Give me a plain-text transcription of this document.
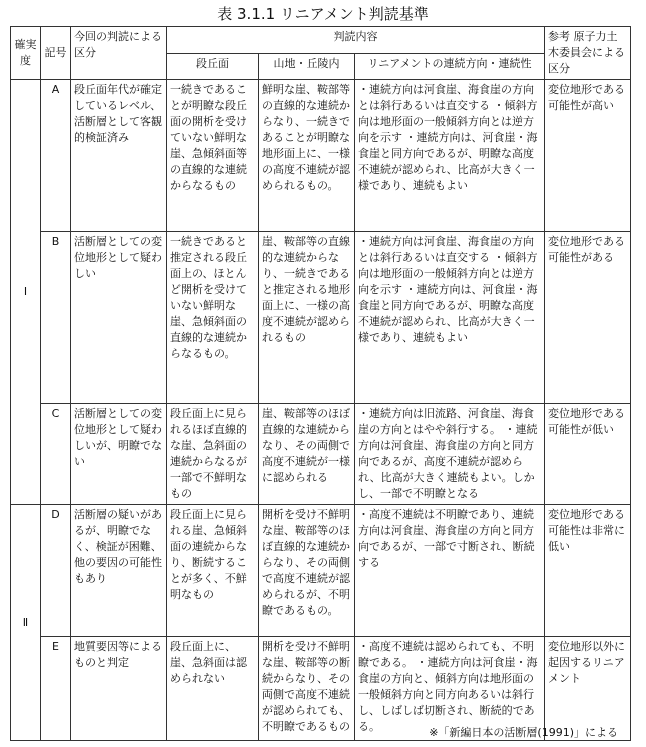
表 3.1.1 リニアメント判読基準
確実度	記号	今回の判読による区分	判読内容			参考 原子力土木委員会による区分
			段丘面	山地・丘陵内	リニアメントの連続方向・連続性	
Ⅰ	A	段丘面年代が確定しているレベル、活断層として客観的検証済み	一続きであることが明瞭な段丘面の開析を受けていない鮮明な崖、急傾斜面等の直線的な連続からなるもの	鮮明な崖、鞍部等の直線的な連続からなり、一続きであることが明瞭な地形面上に、一様の高度不連続が認められるもの。	・連続方向は河食崖、海食崖の方向とは斜行あるいは直交する ・傾斜方向は地形面の一般傾斜方向とは逆方向を示す ・連続方向は、河食崖・海食崖と同方向であるが、明瞭な高度不連続が認められ、比高が大きく一様であり、連続もよい	変位地形である可能性が高い
	B	活断層としての変位地形として疑わしい	一続きであると推定される段丘面上の、ほとんど開析を受けていない鮮明な崖、急傾斜面の直線的な連続からなるもの。	崖、鞍部等の直線的な連続からなり、一続きであると推定される地形面上に、一様の高度不連続が認められるもの	・連続方向は河食崖、海食崖の方向とは斜行あるいは直交する ・傾斜方向は地形面の一般傾斜方向とは逆方向を示す ・連続方向は、河食崖・海食崖と同方向であるが、明瞭な高度不連続が認められ、比高が大きく一様であり、連続もよい	変位地形である可能性がある
	C	活断層としての変位地形として疑わしいが、明瞭でない	段丘面上に見られるほぼ直線的な崖、急斜面の連続からなるが一部で不鮮明なもの	崖、鞍部等のほぼ直線的な連続からなり、その両側で高度不連続が一様に認められる	・連続方向は旧流路、河食崖、海食崖の方向とはやや斜行する。 ・連続方向は河食崖、海食崖の方向と同方向であるが、高度不連続が認められ、比高が大きく連続もよい。しかし、一部で不明瞭となる	変位地形である可能性が低い
Ⅱ	D	活断層の疑いがあるが、明瞭でなく、検証が困難、他の要因の可能性もあり	段丘面上に見られる崖、急傾斜面の連続からなり、断続することが多く、不鮮明なもの	開析を受け不鮮明な崖、鞍部等のほぼ直線的な連続からなり、その両側で高度不連続が認められるが、不明瞭であるもの。	・高度不連続は不明瞭であり、連続方向は河食崖、海食崖の方向と同方向であるが、一部で寸断され、断続する	変位地形である可能性は非常に低い
	E	地質要因等によるものと判定	段丘面上に、崖、急斜面は認められない	開析を受け不鮮明な崖、鞍部等の断続からなり、その両側で高度不連続が認められても、不明瞭であるもの	・高度不連続は認められても、不明瞭である。 ・連続方向は河食崖・海食崖の方向と、傾斜方向は地形面の一般傾斜方向と同方向あるいは斜行し、しばしば切断され、断続的である。	変位地形以外に起因するリニアメント
※「新編日本の活断層(1991)」による
